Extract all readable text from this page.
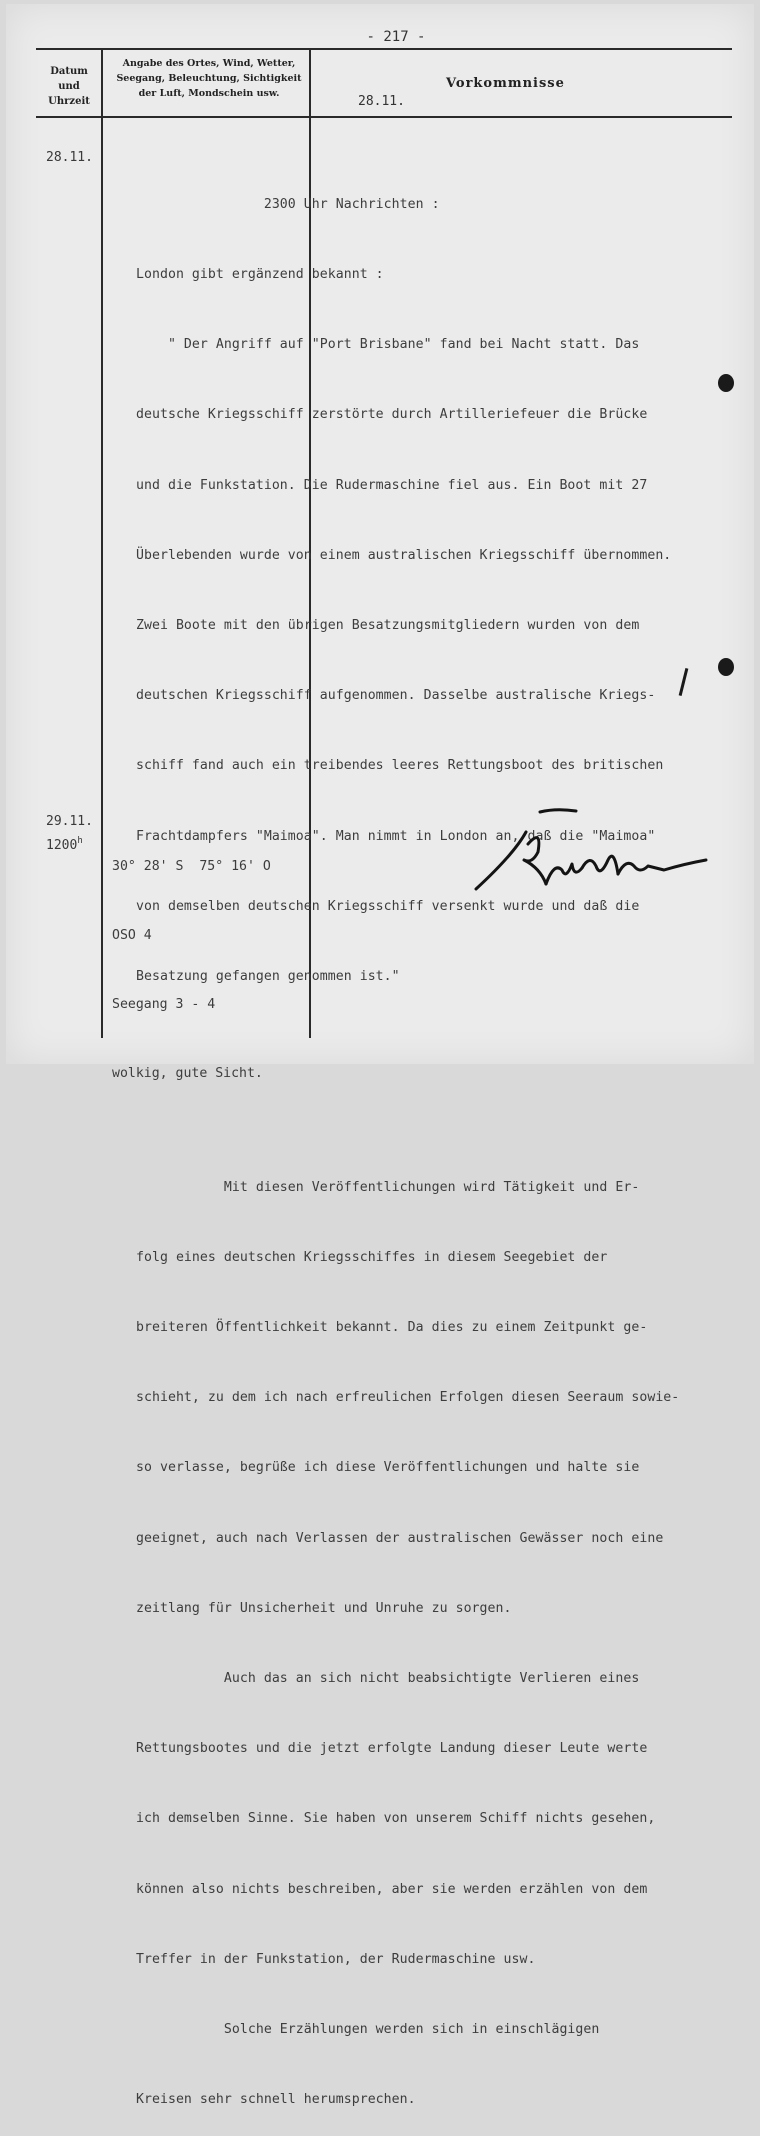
- 217 -
Datum
und
Uhrzeit
Angabe des Ortes, Wind, Wetter,
Seegang, Beleuchtung, Sichtigkeit
der Luft, Mondschein usw.
Vorkommnisse
28.11.
28.11.
29.11.
1200$^h$

2300 Uhr Nachrichten :

London gibt ergänzend bekannt :

" Der Angriff auf "Port Brisbane" fand bei Nacht statt. Das

deutsche Kriegsschiff zerstörte durch Artilleriefeuer die Brücke

und die Funkstation. Die Rudermaschine fiel aus. Ein Boot mit 27

Überlebenden wurde von einem australischen Kriegsschiff übernommen.

Zwei Boote mit den übrigen Besatzungsmitgliedern wurden von dem

deutschen Kriegsschiff aufgenommen. Dasselbe australische Kriegs-

schiff fand auch ein treibendes leeres Rettungsboot des britischen

Frachtdampfers "Maimoa". Man nimmt in London an, daß die "Maimoa"

von demselben deutschen Kriegsschiff versenkt wurde und daß die

Besatzung gefangen genommen ist."

Mit diesen Veröffentlichungen wird Tätigkeit und Er-

folg eines deutschen Kriegsschiffes in diesem Seegebiet der

breiteren Öffentlichkeit bekannt. Da dies zu einem Zeitpunkt ge-

schieht, zu dem ich nach erfreulichen Erfolgen diesen Seeraum sowie-

so verlasse, begrüße ich diese Veröffentlichungen und halte sie

geeignet, auch nach Verlassen der australischen Gewässer noch eine

zeitlang für Unsicherheit und Unruhe zu sorgen.

Auch das an sich nicht beabsichtigte Verlieren eines

Rettungsbootes und die jetzt erfolgte Landung dieser Leute werte

ich demselben Sinne. Sie haben von unserem Schiff nichts gesehen,

können also nichts beschreiben, aber sie werden erzählen von dem

Treffer in der Funkstation, der Rudermaschine usw.

Solche Erzählungen werden sich in einschlägigen

Kreisen sehr schnell herumsprechen.

30° 28' S  75° 16' O

OSO 4

Seegang 3 - 4

wolkig, gute Sicht.
